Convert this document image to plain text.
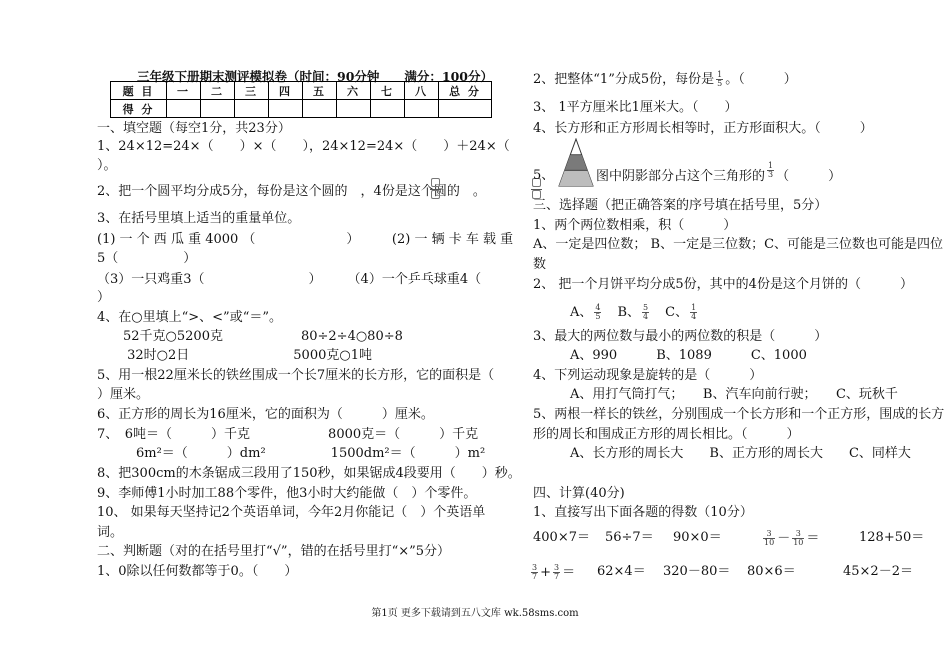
三年级下册期末测评模拟卷（时间：90分钟　　满分：100分）
题 目	一	二	三	四	五	六	七	八	总 分
得 分									
一、填空题（每空1分，共23分）
1、24×12=24×（　　）×（　　），24×12=24×（　　）＋24×（
）。
2、把一个圆平均分成5分，每份是这个圆的　，4份是这个圆的　。
3、在括号里填上适当的重量单位。
(1) 一 个 西 瓜 重 4000 （　　　　　　　）　　　(2) 一 辆 卡 车 载 重
5（　　　　　）
（3）一只鸡重3（　　　　　　　　）　　　（4）一个乒乓球重4（
）
4、在○里填上“>、<”或“＝”。
　　52千克○5200克　　　　　　80÷2÷4○80÷8
　　 32时○2日　　　　　　　　5000克○1吨
5、用一根22厘米长的铁丝围成一个长7厘米的长方形，它的面积是（
）厘米。
6、正方形的周长为16厘米，它的面积为（　　　）厘米。
7、　6吨＝（　　　）千克　　　　　　8000克＝（　　　）千克
　　　6m²＝（　　　）dm²　　　　　1500dm²＝（　　　）m²
8、把300cm的木条锯成三段用了150秒，如果锯成4段要用（　　）秒。
9、李师傅1小时加工88个零件，他3小时大约能做（　）个零件。
10、 如果每天坚持记2个英语单词，今年2月你能记（　）个英语单
词。
二、判断题（对的在括号里打“√”，错的在括号里打“×”5分）
1、0除以任何数都等于0。（　　）
2、把整体“1”分成5份，每份是 $\frac{1}{5}$ 。（　　　）
3、 1平方厘米比1厘米大。（　　）
4、长方形和正方形周长相等时，正方形面积大。（　　　）
5、	图中阴影部分占这个三角形的 $\frac{1}{3}$ （　　　）
三、选择题（把正确答案的序号填在括号里，5分）
1、两个两位数相乘，积（　　　）
A、一定是四位数； B、一定是三位数；C、可能是三位数也可能是四位
数
2、 把一个月饼平均分成5份，其中的4份是这个月饼的（　　　）
A、 $\frac{4}{5}$ B、 $\frac{5}{4}$ C、 $\frac{1}{4}$
3、最大的两位数与最小的两位数的积是（　　　）
A、990　　　B、1089　　　C、1000
4、下列运动现象是旋转的是（　　　）
A、用打气筒打气；　　B、汽车向前行驶；　　C、玩秋千
5、两根一样长的铁丝，分别围成一个长方形和一个正方形，围成的长方
形的周长和围成正方形的周长相比。（　　　）
A、长方形的周长大　　B、正方形的周长大　　C、同样大
四、计算(40分)
1、直接写出下面各题的得数（10分）
400×7＝ 56÷7＝ 90×0＝	$\frac{3}{10} - \frac{3}{10}$ ＝	128+50＝
$\frac{3}{7} + \frac{3}{7} = 62\times 4= 320-80= 80\times 6=$	45×2－2＝
第1页 更多下载请到五八文库 wk.58sms.com
